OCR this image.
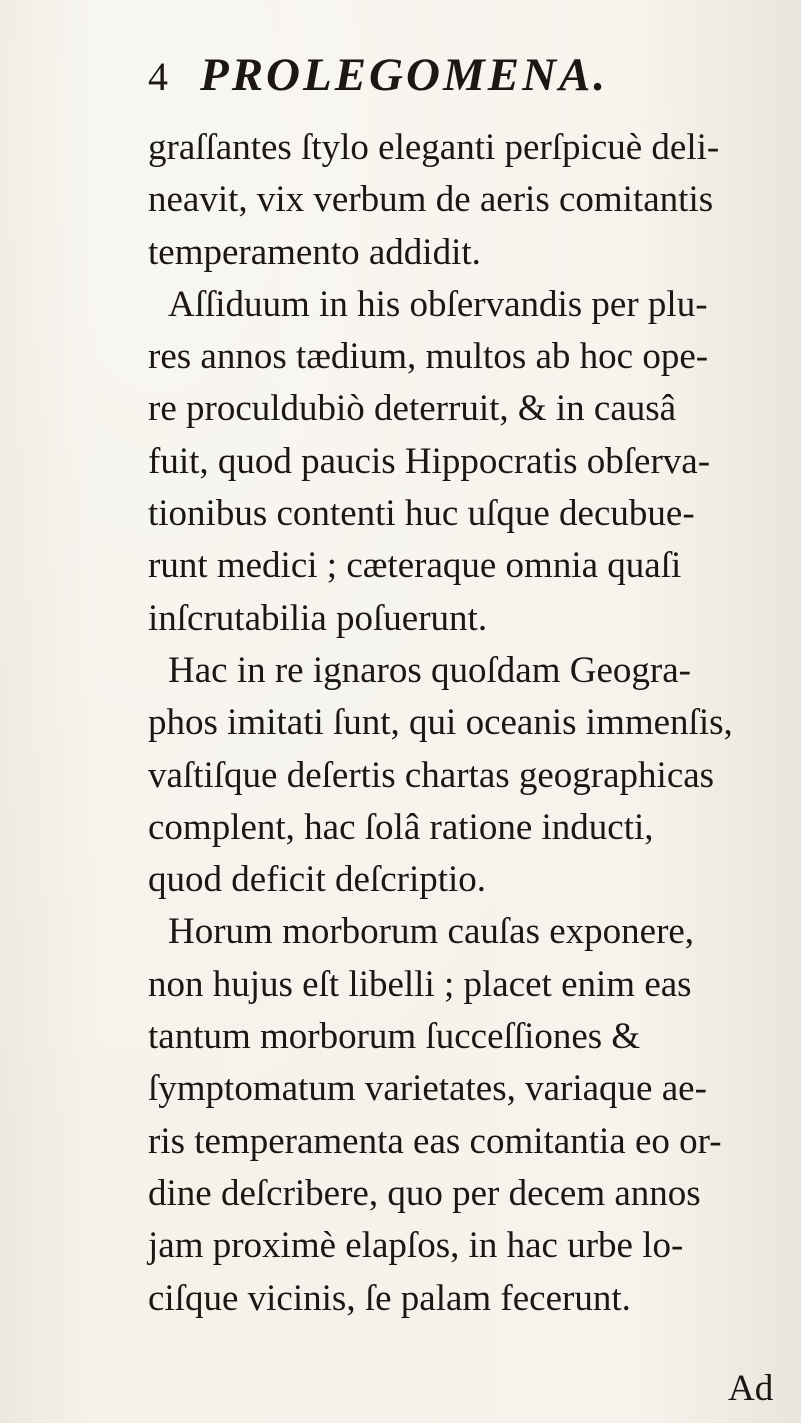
4 PROLEGOMENA.
graſſantes ſtylo eleganti perſpicuè deli-
neavit, vix verbum de aeris comitantis
temperamento addidit.
Aſſiduum in his obſervandis per plu-
res annos tædium, multos ab hoc ope-
re proculdubiò deterruit, & in causâ
fuit, quod paucis Hippocratis obſerva-
tionibus contenti huc uſque decubue-
runt medici ; cæteraque omnia quaſi
inſcrutabilia poſuerunt.
Hac in re ignaros quoſdam Geogra-
phos imitati ſunt, qui oceanis immenſis,
vaſtiſque deſertis chartas geographicas
complent, hac ſolâ ratione inducti,
quod deficit deſcriptio.
Horum morborum cauſas exponere,
non hujus eſt libelli ; placet enim eas
tantum morborum ſucceſſiones &
ſymptomatum varietates, variaque ae-
ris temperamenta eas comitantia eo or-
dine deſcribere, quo per decem annos
jam proximè elapſos, in hac urbe lo-
ciſque vicinis, ſe palam fecerunt.
Ad
